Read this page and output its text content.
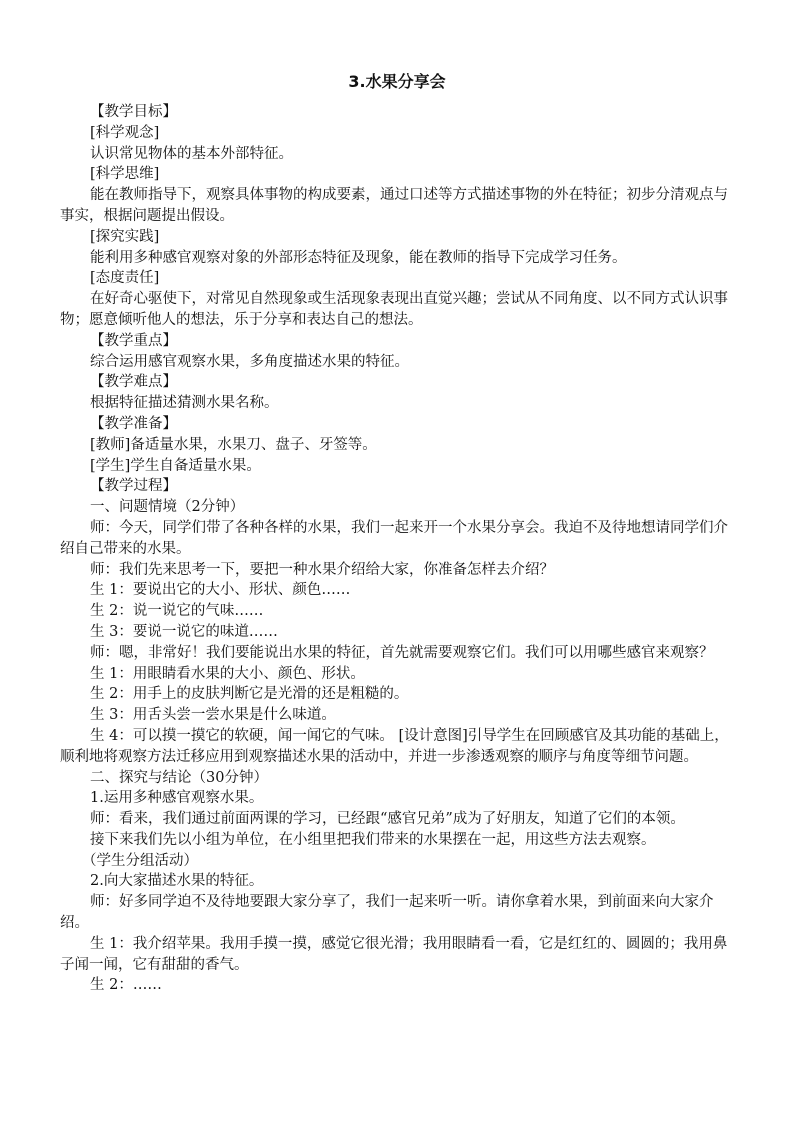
3.水果分享会

【教学目标】

[科学观念]

认识常见物体的基本外部特征。

[科学思维]

能在教师指导下，观察具体事物的构成要素，通过口述等方式描述事物的外在特征；初步分清观点与事实，根据问题提出假设。

[探究实践]

能利用多种感官观察对象的外部形态特征及现象，能在教师的指导下完成学习任务。

[态度责任]

在好奇心驱使下，对常见自然现象或生活现象表现出直觉兴趣；尝试从不同角度、以不同方式认识事物；愿意倾听他人的想法，乐于分享和表达自己的想法。

【教学重点】

综合运用感官观察水果，多角度描述水果的特征。

【教学难点】

根据特征描述猜测水果名称。

【教学准备】

[教师]备适量水果，水果刀、盘子、牙签等。

[学生]学生自备适量水果。

【教学过程】

一、问题情境（2分钟）

师：今天，同学们带了各种各样的水果，我们一起来开一个水果分享会。我迫不及待地想请同学们介绍自己带来的水果。

师：我们先来思考一下，要把一种水果介绍给大家，你准备怎样去介绍？

生 1：要说出它的大小、形状、颜色……

生 2：说一说它的气味……

生 3：要说一说它的味道……

师：嗯，非常好！我们要能说出水果的特征，首先就需要观察它们。我们可以用哪些感官来观察？

生 1：用眼睛看水果的大小、颜色、形状。

生 2：用手上的皮肤判断它是光滑的还是粗糙的。

生 3：用舌头尝一尝水果是什么味道。

生 4：可以摸一摸它的软硬，闻一闻它的气味。 [设计意图]引导学生在回顾感官及其功能的基础上，顺利地将观察方法迁移应用到观察描述水果的活动中，并进一步渗透观察的顺序与角度等细节问题。

二、探究与结论（30分钟）

1.运用多种感官观察水果。

师：看来，我们通过前面两课的学习，已经跟“感官兄弟”成为了好朋友，知道了它们的本领。

接下来我们先以小组为单位，在小组里把我们带来的水果摆在一起，用这些方法去观察。

（学生分组活动）

2.向大家描述水果的特征。

师：好多同学迫不及待地要跟大家分享了，我们一起来听一听。请你拿着水果，到前面来向大家介绍。

生 1：我介绍苹果。我用手摸一摸，感觉它很光滑；我用眼睛看一看，它是红红的、圆圆的；我用鼻子闻一闻，它有甜甜的香气。

生 2：……
